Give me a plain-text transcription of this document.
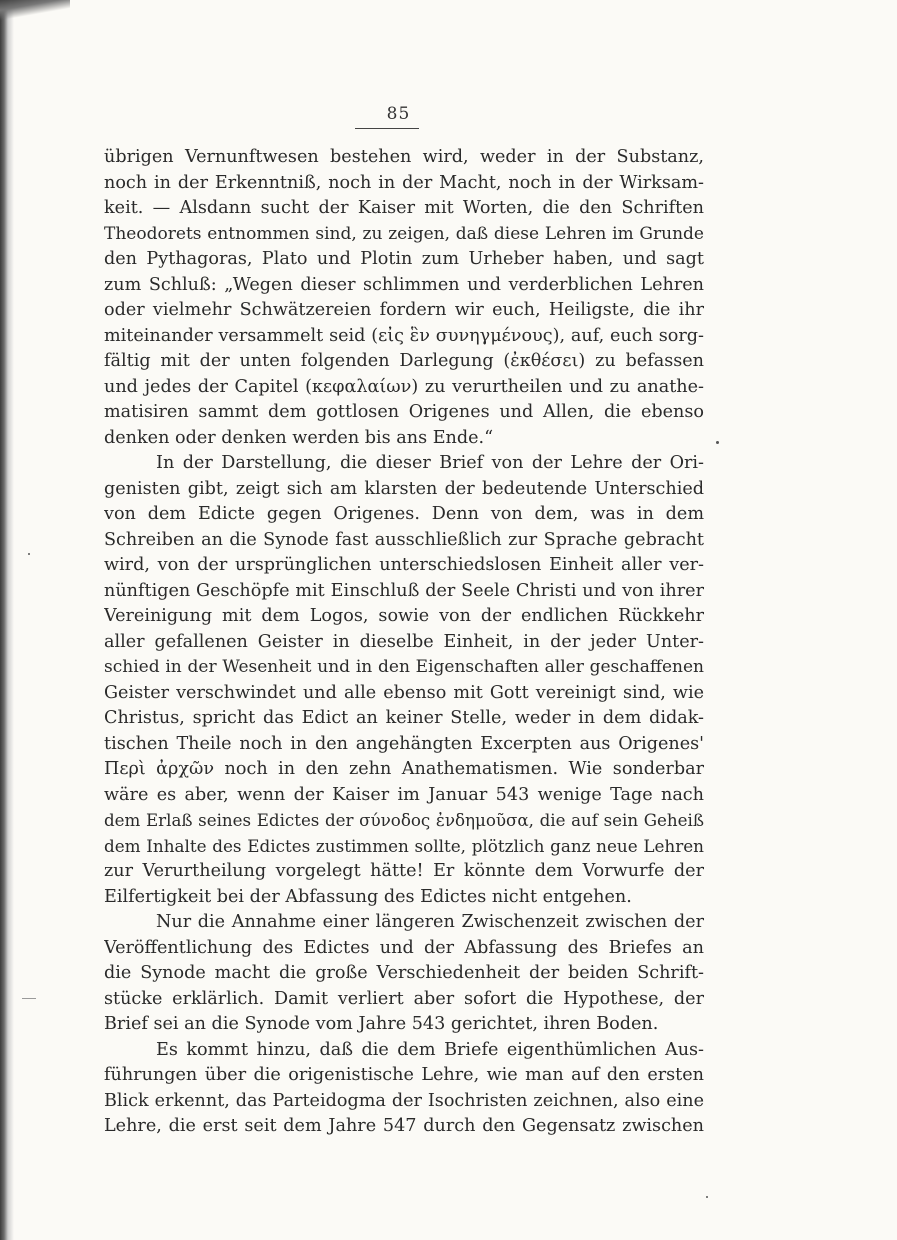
85
übrigen Vernunftwesen bestehen wird, weder in der Substanz,
noch in der Erkenntniß, noch in der Macht, noch in der Wirksam-
keit. — Alsdann sucht der Kaiser mit Worten, die den Schriften
Theodorets entnommen sind, zu zeigen, daß diese Lehren im Grunde
den Pythagoras, Plato und Plotin zum Urheber haben, und sagt
zum Schluß: „Wegen dieser schlimmen und verderblichen Lehren
oder vielmehr Schwätzereien fordern wir euch, Heiligste, die ihr
miteinander versammelt seid (εἰς ἓν συνηγμένους), auf, euch sorg-
fältig mit der unten folgenden Darlegung (ἐκθέσει) zu befassen
und jedes der Capitel (κεφαλαίων) zu verurtheilen und zu anathe-
matisiren sammt dem gottlosen Origenes und Allen, die ebenso
denken oder denken werden bis ans Ende.“
In der Darstellung, die dieser Brief von der Lehre der Ori-
genisten gibt, zeigt sich am klarsten der bedeutende Unterschied
von dem Edicte gegen Origenes. Denn von dem, was in dem
Schreiben an die Synode fast ausschließlich zur Sprache gebracht
wird, von der ursprünglichen unterschiedslosen Einheit aller ver-
nünftigen Geschöpfe mit Einschluß der Seele Christi und von ihrer
Vereinigung mit dem Logos, sowie von der endlichen Rückkehr
aller gefallenen Geister in dieselbe Einheit, in der jeder Unter-
schied in der Wesenheit und in den Eigenschaften aller geschaffenen
Geister verschwindet und alle ebenso mit Gott vereinigt sind, wie
Christus, spricht das Edict an keiner Stelle, weder in dem didak-
tischen Theile noch in den angehängten Excerpten aus Origenes'
Περὶ ἀρχῶν noch in den zehn Anathematismen. Wie sonderbar
wäre es aber, wenn der Kaiser im Januar 543 wenige Tage nach
dem Erlaß seines Edictes der σύνοδος ἐνδημοῦσα, die auf sein Geheiß
dem Inhalte des Edictes zustimmen sollte, plötzlich ganz neue Lehren
zur Verurtheilung vorgelegt hätte! Er könnte dem Vorwurfe der
Eilfertigkeit bei der Abfassung des Edictes nicht entgehen.
Nur die Annahme einer längeren Zwischenzeit zwischen der
Veröffentlichung des Edictes und der Abfassung des Briefes an
die Synode macht die große Verschiedenheit der beiden Schrift-
stücke erklärlich. Damit verliert aber sofort die Hypothese, der
Brief sei an die Synode vom Jahre 543 gerichtet, ihren Boden.
Es kommt hinzu, daß die dem Briefe eigenthümlichen Aus-
führungen über die origenistische Lehre, wie man auf den ersten
Blick erkennt, das Parteidogma der Isochristen zeichnen, also eine
Lehre, die erst seit dem Jahre 547 durch den Gegensatz zwischen
